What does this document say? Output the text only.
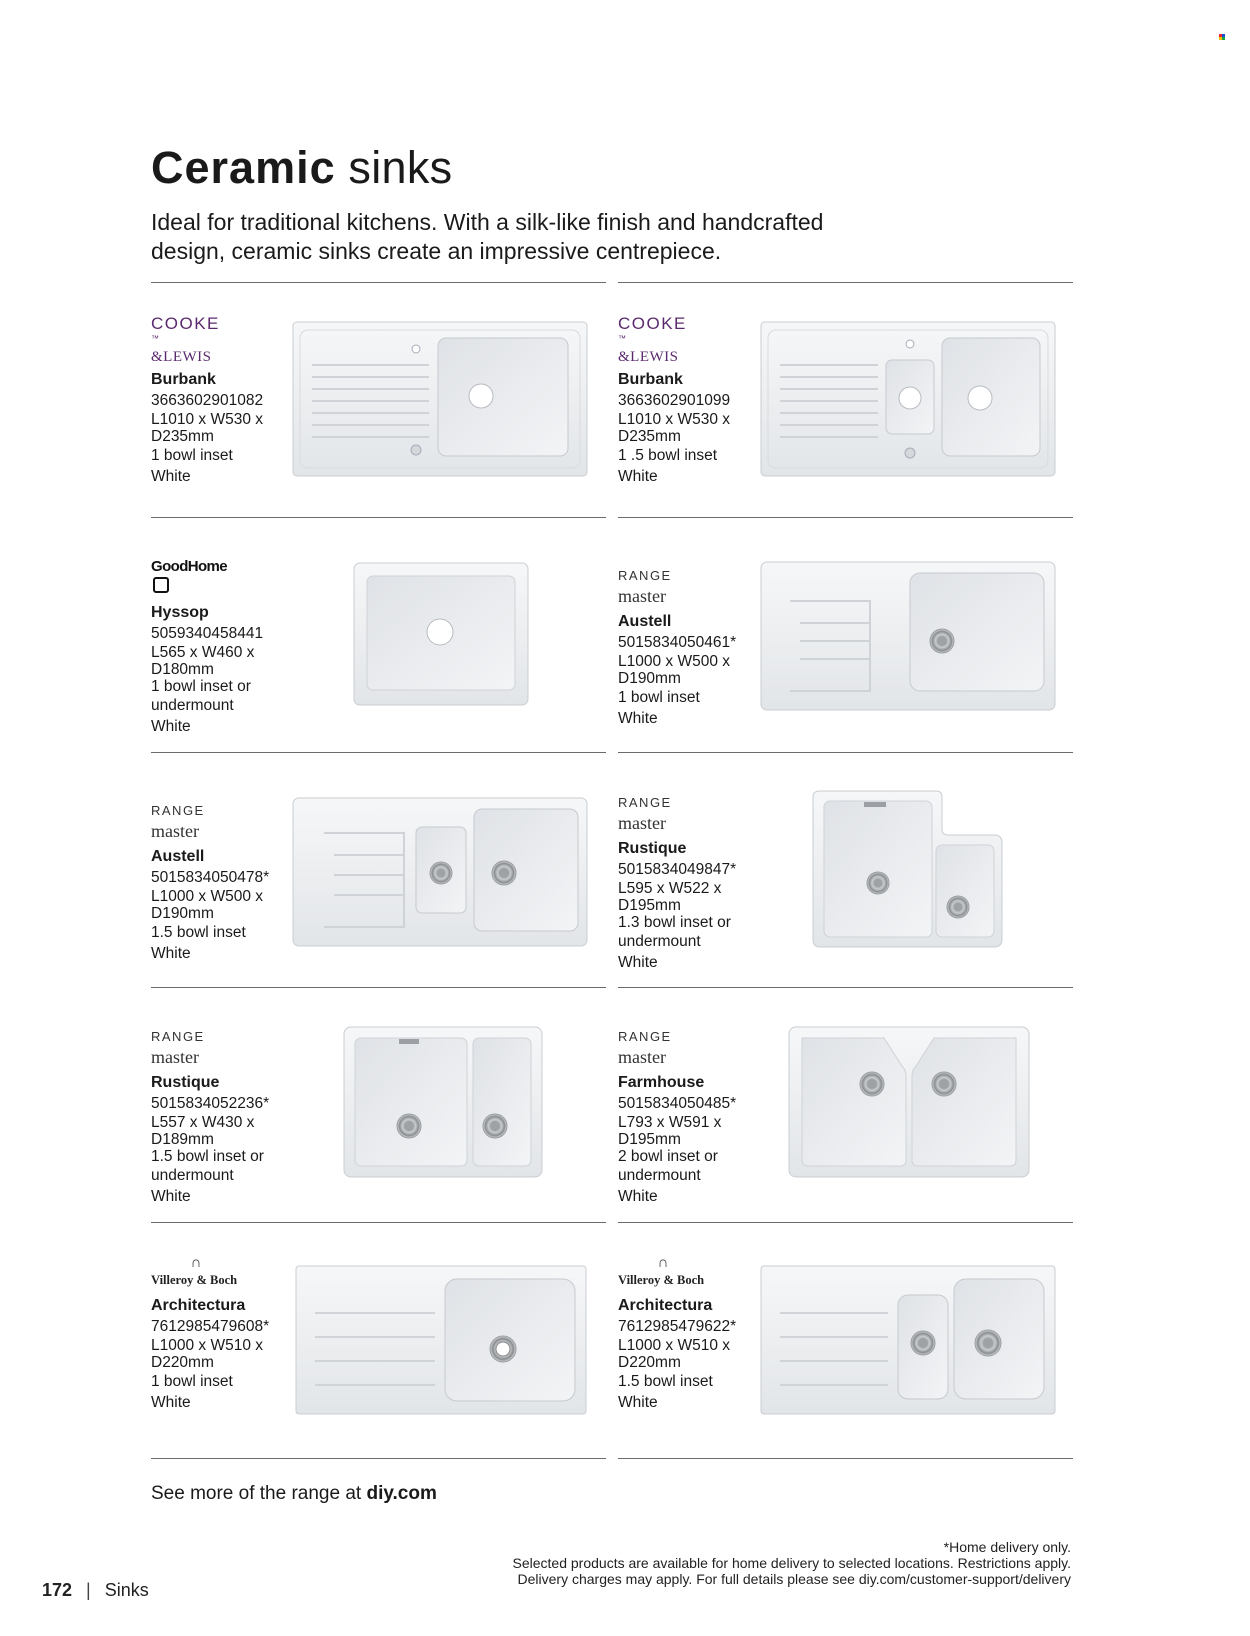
Ceramic sinks
Ideal for traditional kitchens. With a silk-like finish and handcrafted design, ceramic sinks create an impressive centrepiece.
COOKE
™
&LEWIS
Burbank
3663602901082
L1010 x W530 x
D235mm
1 bowl inset
White
COOKE
™
&LEWIS
Burbank
3663602901099
L1010 x W530 x
D235mm
1 .5 bowl inset
White
GoodHome
Hyssop
5059340458441
L565 x W460 x
D180mm
1 bowl inset or
undermount
White
RANGE
master
Austell
5015834050461*
L1000 x W500 x
D190mm
1 bowl inset
White
RANGE
master
Austell
5015834050478*
L1000 x W500 x
D190mm
1.5 bowl inset
White
RANGE
master
Rustique
5015834049847*
L595 x W522 x
D195mm
1.3 bowl inset or
undermount
White
RANGE
master
Rustique
5015834052236*
L557 x W430 x
D189mm
1.5 bowl inset or
undermount
White
RANGE
master
Farmhouse
5015834050485*
L793 x W591 x
D195mm
2 bowl inset or
undermount
White
∩
Villeroy & Boch
Architectura
7612985479608*
L1000 x W510 x
D220mm
1 bowl inset
White
∩
Villeroy & Boch
Architectura
7612985479622*
L1000 x W510 x
D220mm
1.5 bowl inset
White
See more of the range at diy.com
*Home delivery only.
Selected products are available for home delivery to selected locations. Restrictions apply.
Delivery charges may apply. For full details please see diy.com/customer-support/delivery
172 | Sinks
